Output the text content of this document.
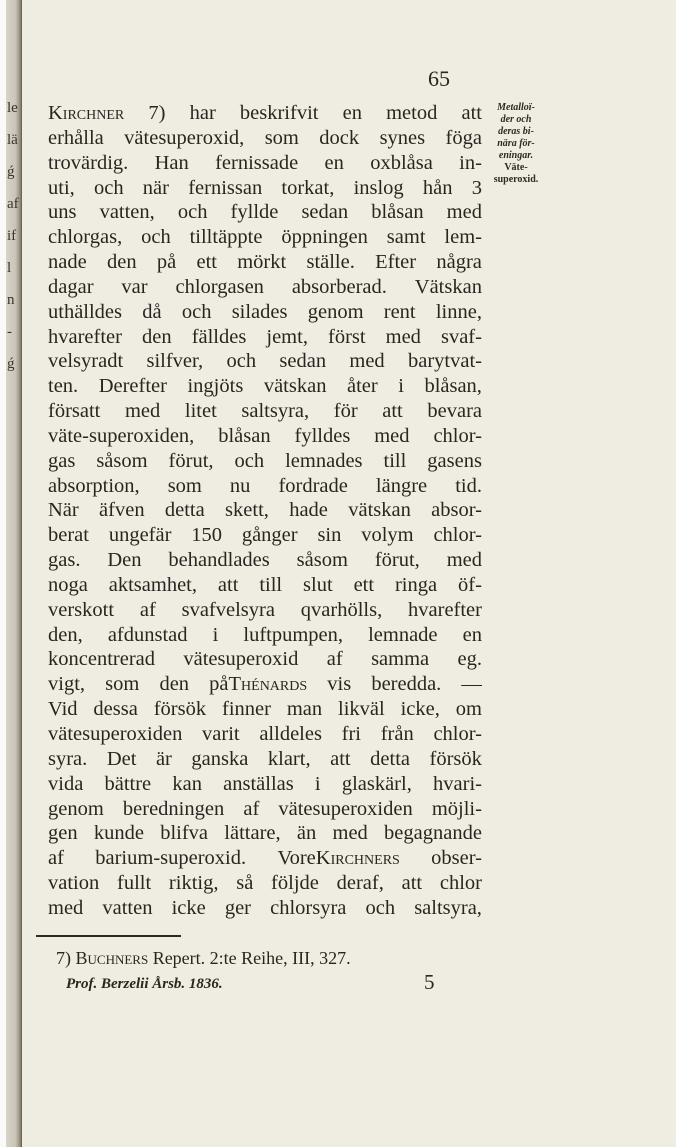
65
Kirchner 7) har beskrifvit en metod att
erhålla vätesuperoxid, som dock synes föga
trovärdig. Han fernissade en oxblåsa in-
uti, och när fernissan torkat, inslog hån 3
uns vatten, och fyllde sedan blåsan med
chlorgas, och tilltäppte öppningen samt lem-
nade den på ett mörkt ställe. Efter några
dagar var chlorgasen absorberad. Vätskan
uthälldes då och silades genom rent linne,
hvarefter den fälldes jemt, först med svaf-
velsyradt silfver, och sedan med barytvat-
ten. Derefter ingjöts vätskan åter i blåsan,
försatt med litet saltsyra, för att bevara
väte-superoxiden, blåsan fylldes med chlor-
gas såsom förut, och lemnades till gasens
absorption, som nu fordrade längre tid.
När äfven detta skett, hade vätskan absor-
berat ungefär 150 gånger sin volym chlor-
gas. Den behandlades såsom förut, med
noga aktsamhet, att till slut ett ringa öf-
verskott af svafvelsyra qvarhölls, hvarefter
den, afdunstad i luftpumpen, lemnade en
koncentrerad vätesuperoxid af samma eg.
vigt, som den påThénards vis beredda. —
Vid dessa försök finner man likväl icke, om
vätesuperoxiden varit alldeles fri från chlor-
syra. Det är ganska klart, att detta försök
vida bättre kan anställas i glaskärl, hvari-
genom beredningen af vätesuperoxiden möjli-
gen kunde blifva lättare, än med begagnande
af barium-superoxid. VoreKirchners obser-
vation fullt riktig, så följde deraf, att chlor
med vatten icke ger chlorsyra och saltsyra,
Metalloï-
der och
deras bi-
nära för-
eningar.
Väte-
superoxid.
7) Buchners Repert. 2:te Reihe, III, 327.
Prof. Berzelii Årsb. 1836.	5
le
lä
ǵ
af
if
l
n
-
ǵ
